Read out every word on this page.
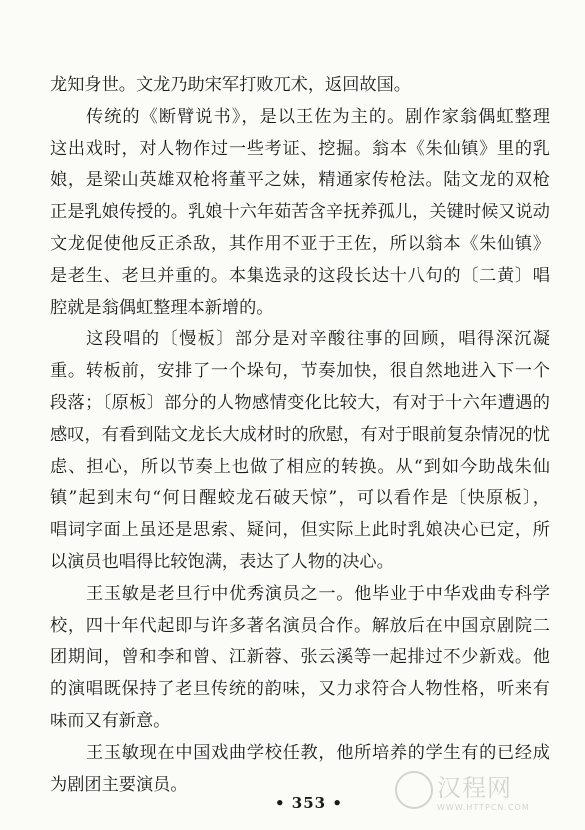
龙知身世。文龙乃助宋军打败兀术，返回故国。
传统的《断臂说书》，是以王佐为主的。剧作家翁偶虹整理
这出戏时，对人物作过一些考证、挖掘。翁本《朱仙镇》里的乳
娘，是梁山英雄双枪将董平之妹，精通家传枪法。陆文龙的双枪
正是乳娘传授的。乳娘十六年茹苦含辛抚养孤儿，关键时候又说动
文龙促使他反正杀敌，其作用不亚于王佐，所以翁本《朱仙镇》
是老生、老旦并重的。本集选录的这段长达十八句的〔二黄〕唱
腔就是翁偶虹整理本新增的。
这段唱的〔慢板〕部分是对辛酸往事的回顾，唱得深沉凝
重。转板前，安排了一个垛句，节奏加快，很自然地进入下一个
段落；〔原板〕部分的人物感情变化比较大，有对于十六年遭遇的
感叹，有看到陆文龙长大成材时的欣慰，有对于眼前复杂情况的忧
虑、担心，所以节奏上也做了相应的转换。从“到如今助战朱仙
镇”起到末句“何日醒蛟龙石破天惊”，可以看作是〔快原板〕，
唱词字面上虽还是思索、疑问，但实际上此时乳娘决心已定，所
以演员也唱得比较饱满，表达了人物的决心。
王玉敏是老旦行中优秀演员之一。他毕业于中华戏曲专科学
校，四十年代起即与许多著名演员合作。解放后在中国京剧院二
团期间，曾和李和曾、江新蓉、张云溪等一起排过不少新戏。他
的演唱既保持了老旦传统的韵味，又力求符合人物性格，听来有
味而又有新意。
王玉敏现在中国戏曲学校任教，他所培养的学生有的已经成
为剧团主要演员。
• 353 •
汉程网
WWW.HTTPCN.COM
